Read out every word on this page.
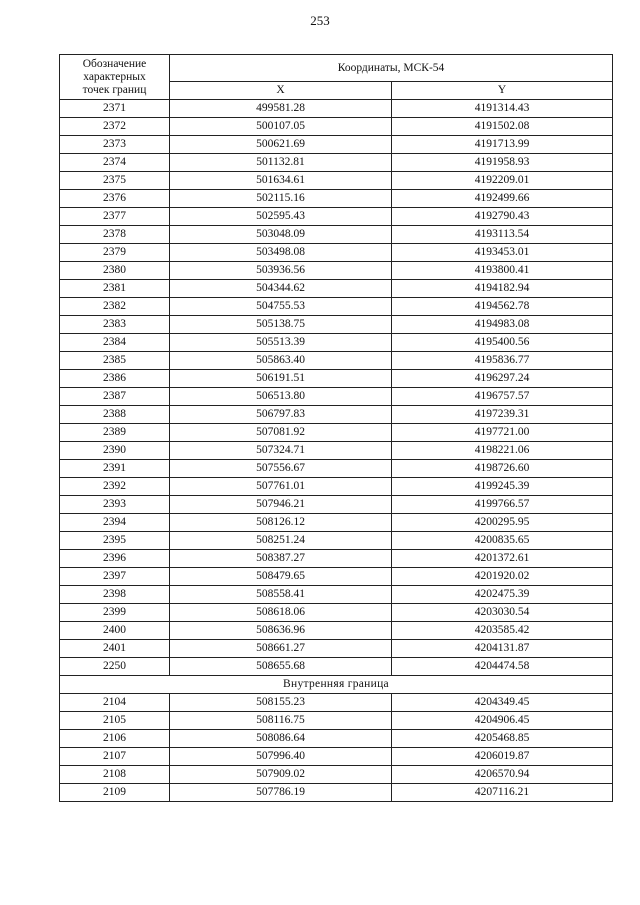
253
Обозначение
характерных
точек границ	Координаты, МСК-54	
	X	Y
2371	499581.28	4191314.43
2372	500107.05	4191502.08
2373	500621.69	4191713.99
2374	501132.81	4191958.93
2375	501634.61	4192209.01
2376	502115.16	4192499.66
2377	502595.43	4192790.43
2378	503048.09	4193113.54
2379	503498.08	4193453.01
2380	503936.56	4193800.41
2381	504344.62	4194182.94
2382	504755.53	4194562.78
2383	505138.75	4194983.08
2384	505513.39	4195400.56
2385	505863.40	4195836.77
2386	506191.51	4196297.24
2387	506513.80	4196757.57
2388	506797.83	4197239.31
2389	507081.92	4197721.00
2390	507324.71	4198221.06
2391	507556.67	4198726.60
2392	507761.01	4199245.39
2393	507946.21	4199766.57
2394	508126.12	4200295.95
2395	508251.24	4200835.65
2396	508387.27	4201372.61
2397	508479.65	4201920.02
2398	508558.41	4202475.39
2399	508618.06	4203030.54
2400	508636.96	4203585.42
2401	508661.27	4204131.87
2250	508655.68	4204474.58
Внутренняя граница		
2104	508155.23	4204349.45
2105	508116.75	4204906.45
2106	508086.64	4205468.85
2107	507996.40	4206019.87
2108	507909.02	4206570.94
2109	507786.19	4207116.21
